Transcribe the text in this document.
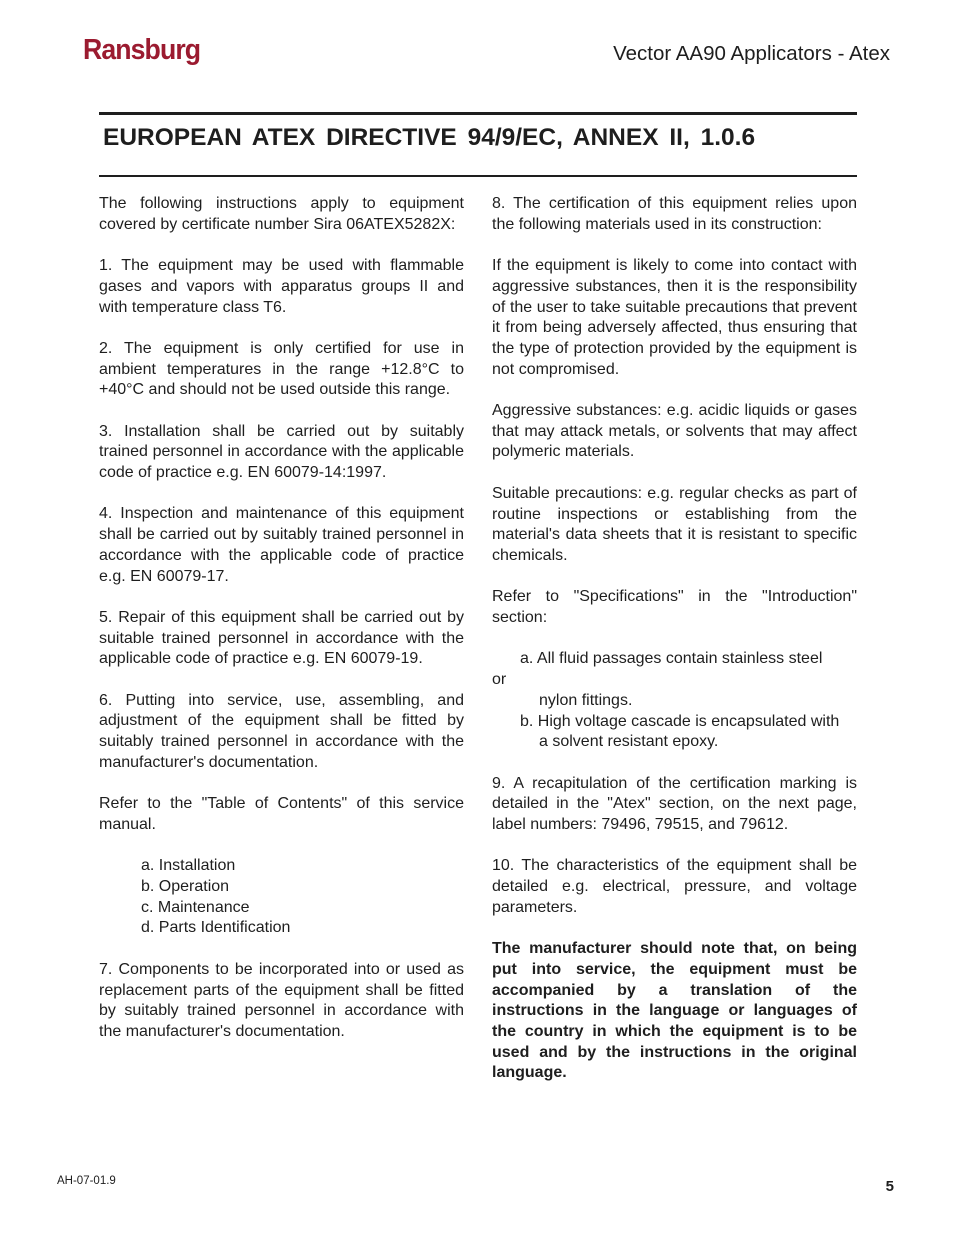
Ransburg	Vector AA90 Applicators - Atex
EUROPEAN ATEX DIRECTIVE 94/9/EC, ANNEX II, 1.0.6

The following instructions apply to equipment covered by certificate number Sira 06ATEX5282X:

1. The equipment may be used with flammable gases and vapors with apparatus groups II and with temperature class T6.

2. The equipment is only certified for use in ambient temperatures in the range +12.8°C to +40°C and should not be used outside this range.

3. Installation shall be carried out by suitably trained personnel in accordance with the applicable code of practice e.g. EN 60079-14:1997.

4. Inspection and maintenance of this equipment shall be carried out by suitably trained personnel in accordance with the applicable code of practice e.g. EN 60079-17.

5. Repair of this equipment shall be carried out by suitable trained personnel in accordance with the applicable code of practice e.g. EN 60079-19.

6. Putting into service, use, assembling, and adjustment of the equipment shall be fitted by suitably trained personnel in accordance with the manufacturer's documentation.

Refer to the "Table of Contents" of this service manual.

a. Installation
b. Operation
c. Maintenance
d. Parts Identification

7. Components to be incorporated into or used as replacement parts of the equipment shall be fitted by suitably trained personnel in accordance with the manufacturer's documentation.

8. The certification of this equipment relies upon the following materials used in its construction:

If the equipment is likely to come into contact with aggressive substances, then it is the responsibility of the user to take suitable precautions that prevent it from being adversely affected, thus ensuring that the type of protection provided by the equipment is not compromised.

Aggressive substances: e.g. acidic liquids or gases that may attack metals, or solvents that may affect polymeric materials.

Suitable precautions: e.g. regular checks as part of routine inspections or establishing from the material's data sheets that it is resistant to specific chemicals.

Refer to "Specifications" in the "Introduction" section:

a. All fluid passages contain stainless steel
or
nylon fittings.
b. High voltage cascade is encapsulated with
a solvent resistant epoxy.

9. A recapitulation of the certification marking is detailed in the "Atex" section, on the next page, label numbers: 79496, 79515, and 79612.

10. The characteristics of the equipment shall be detailed e.g. electrical, pressure, and voltage parameters.

The manufacturer should note that, on being put into service, the equipment must be accompanied by a translation of the instructions in the language or languages of the country in which the equipment is to be used and by the instructions in the original language.

AH-07-01.9	5
